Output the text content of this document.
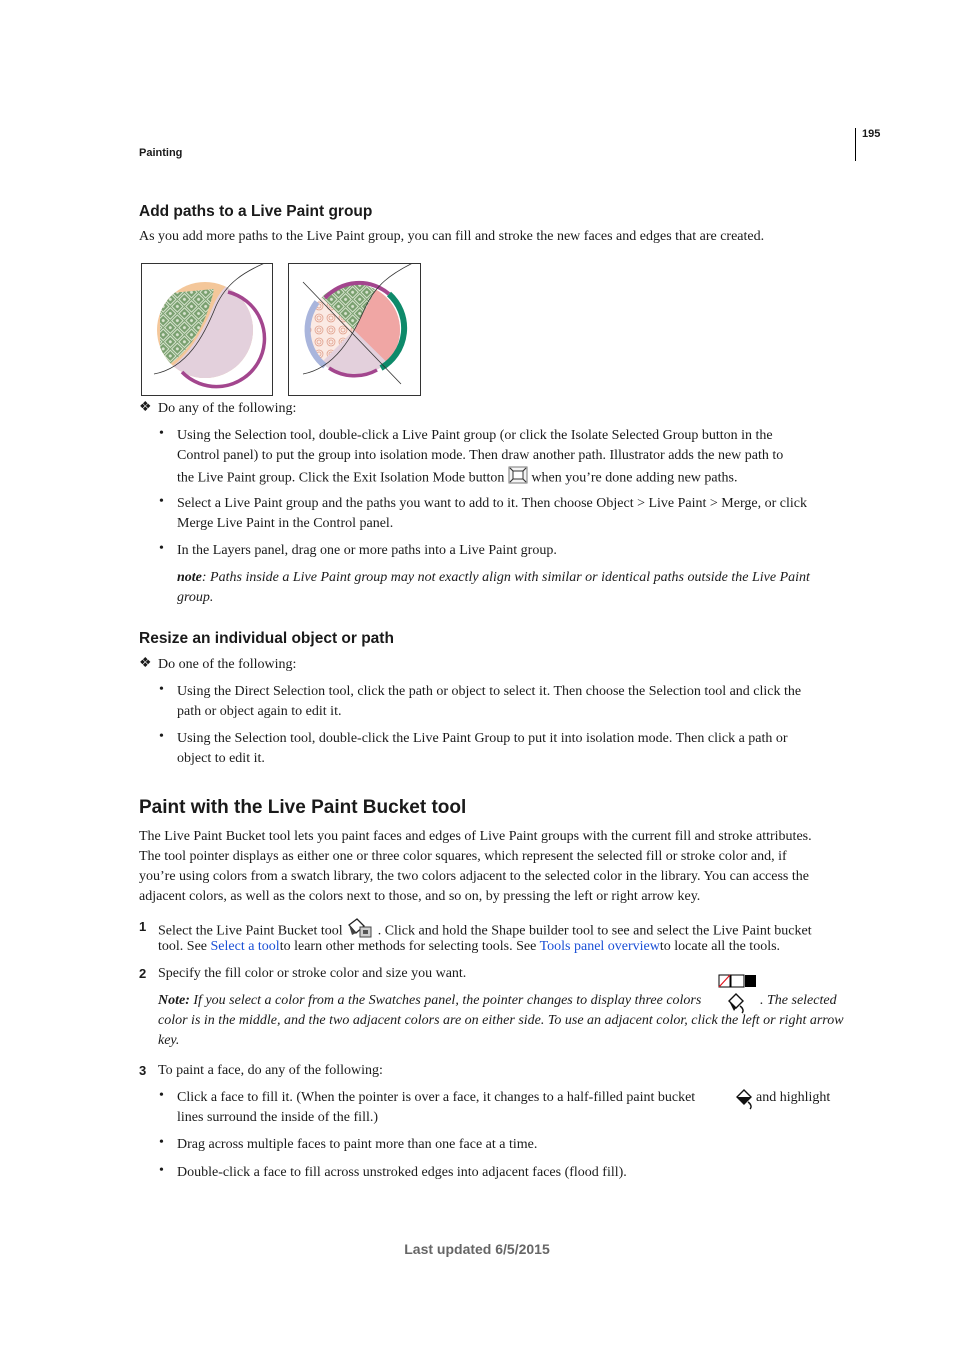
195
Painting
Add paths to a Live Paint group
As you add more paths to the Live Paint group, you can fill and stroke the new faces and edges that are created.
❖ Do any of the following:
• Using the Selection tool, double-click a Live Paint group (or click the Isolate Selected Group button in the
Control panel) to put the group into isolation mode. Then draw another path. Illustrator adds the new path to
the Live Paint group. Click the Exit Isolation Mode button when you’re done adding new paths.
• Select a Live Paint group and the paths you want to add to it. Then choose Object > Live Paint > Merge, or click
Merge Live Paint in the Control panel.
• In the Layers panel, drag one or more paths into a Live Paint group.
note: Paths inside a Live Paint group may not exactly align with similar or identical paths outside the Live Paint
group.
Resize an individual object or path
❖ Do one of the following:
• Using the Direct Selection tool, click the path or object to select it. Then choose the Selection tool and click the
path or object again to edit it.
• Using the Selection tool, double-click the Live Paint Group to put it into isolation mode. Then click a path or
object to edit it.
Paint with the Live Paint Bucket tool
The Live Paint Bucket tool lets you paint faces and edges of Live Paint groups with the current fill and stroke attributes.
The tool pointer displays as either one or three color squares, which represent the selected fill or stroke color and, if
you’re using colors from a swatch library, the two colors adjacent to the selected color in the library. You can access the
adjacent colors, as well as the colors next to those, and so on, by pressing the left or right arrow key.
1 Select the Live Paint Bucket tool	. Click and hold the Shape builder tool to see and select the Live Paint bucket
tool. See Select a toolto learn other methods for selecting tools. See Tools panel overviewto locate all the tools.
2 Specify the fill color or stroke color and size you want.
Note: If you select a color from a the Swatches panel, the pointer changes to display three colors	. The selected
color is in the middle, and the two adjacent colors are on either side. To use an adjacent color, click the left or right arrow
key.
3 To paint a face, do any of the following:
• Click a face to fill it. (When the pointer is over a face, it changes to a half-filled paint bucket	and highlight
lines surround the inside of the fill.)
• Drag across multiple faces to paint more than one face at a time.
• Double-click a face to fill across unstroked edges into adjacent faces (flood fill).
Last updated 6/5/2015
